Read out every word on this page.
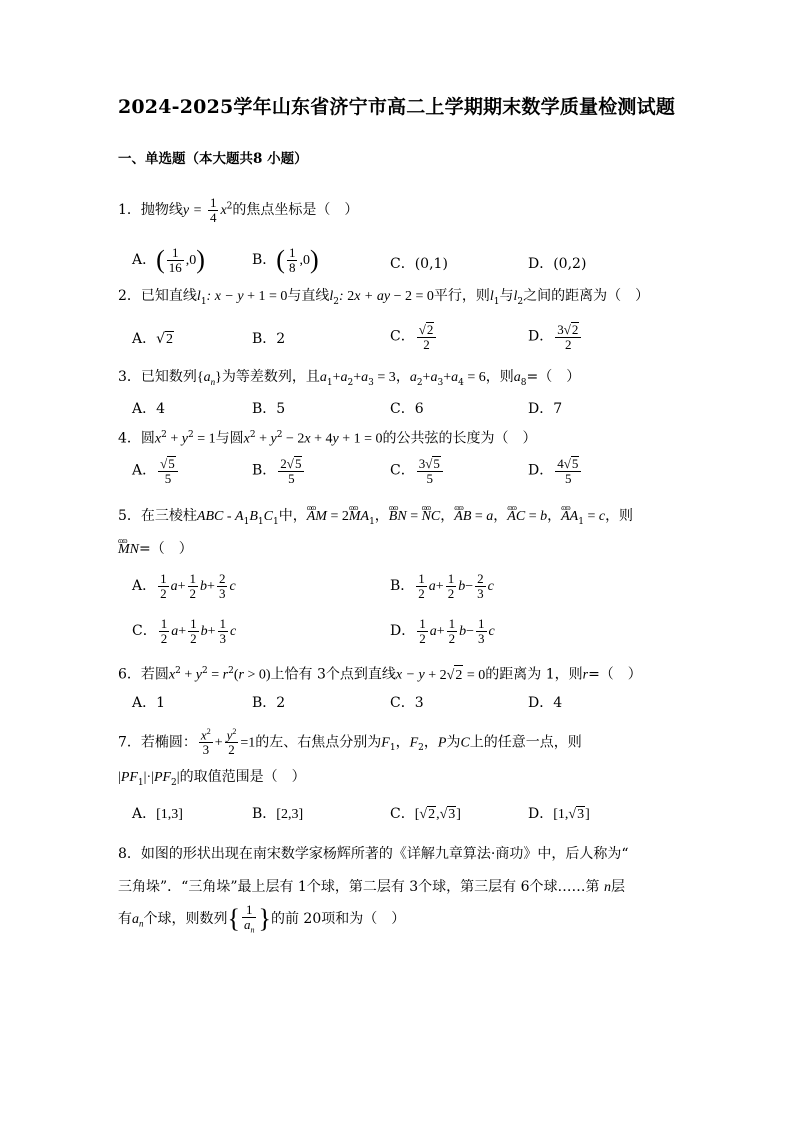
2024-2025学年山东省济宁市高二上学期期末数学质量检测试题
一、单选题（本大题共8 小题）
1．抛物线$y = \frac{1}{4} x^2$的焦点坐标是（　）
A．( $\frac{1}{16} ,0$)	B．( $\frac{1}{8} ,0$)	C．(0,1)	D．(0,2)
2．已知直线$l_1$: x − y + 1 = 0与直线$l_2$: 2x + ay − 2 = 0平行，则$l_1$与$l_2$之间的距离为（　）
A．√2	B．2	C． $\frac{√2}{2}$	D． $\frac{3√2}{2}$
3．已知数列$\{a_n\}$为等差数列，且$a_1+a_2+a_3 = 3$，$a_2+a_3+a_4 = 6$，则$a_8=$（　）
A．4	B．5	C．6	D．7
4．圆$x^2 + y^2 = 1$与圆$x^2 + y^2 - 2x + 4y + 1 = 0$的公共弦的长度为（　）
A． $\frac{√5}{5}$	B． $\frac{2√5}{5}$	C． $\frac{3√5}{5}$	D． $\frac{4√5}{5}$
5．在三棱柱ABC - $A_1B_1C_1$中，ɷɷ AM = 2ɷɷ $MA_1$，ɷɷ BN = ɷɷ NC，ɷɷ AB = a，ɷɷ AC = b，ɷɷ $AA_1 = c$，则
ɷɷ MN=（　）
A． $\frac{1}{2} a+ \frac{1}{2} b+ \frac{2}{3}$ c	B． $\frac{1}{2} a+ \frac{1}{2} b- \frac{2}{3}$ c
C． $\frac{1}{2} a+ \frac{1}{2} b+ \frac{1}{3}$ c	D． $\frac{1}{2} a+ \frac{1}{2} b- \frac{1}{3}$ c
6．若圆$x^2 + y^2 = r^2(r > 0)$上恰有 3个点到直线x − y + 2√2 = 0的距离为 1，则r=（　）
A．1	B．2	C．3	D．4
7．若椭圆： $\frac{x^2}{3} + \frac{y^2}{2} =1$的左、右焦点分别为$F_1$，$F_2$，P为C上的任意一点，则
$|PF_1|\cdot|PF_2|$的取值范围是（　）
A．[1,3]	B．[2,3]	C．[√2,√3]	D．[1,√3]
8．如图的形状出现在南宋数学家杨辉所著的《详解九章算法·商功》中，后人称为“
三角垛”．“三角垛”最上层有 1个球，第二层有 3个球，第三层有 6个球……第 n层
有$a_n$个球，则数列{ $\frac{1}{a_n}$ }的前 20项和为（　）
